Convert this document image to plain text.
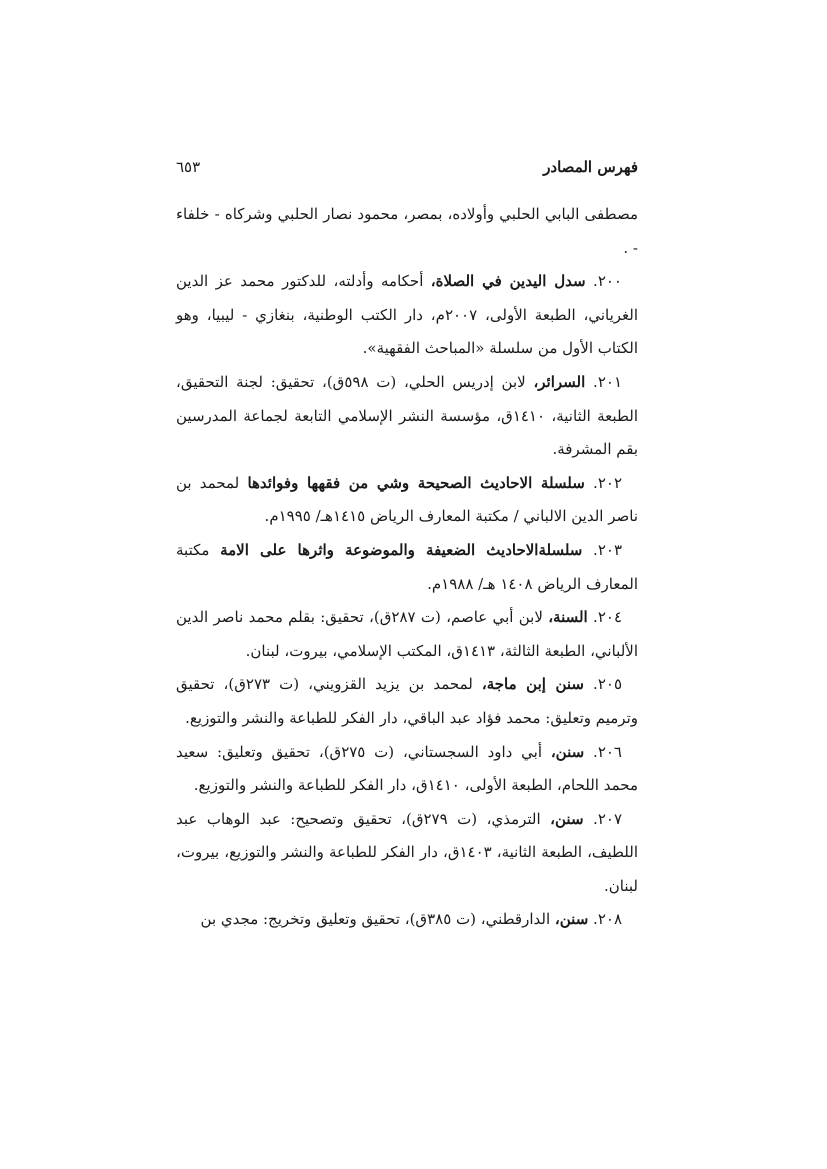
فهرس المصادر
٦٥٣

مصطفى البابي الحلبي وأولاده، بمصر، محمود نصار الحلبي وشركاه - خلفاء - .

٢٠٠. سدل اليدين في الصلاة، أحكامه وأدلته، للدكتور محمد عز الدين الغرياني، الطبعة الأولى، ٢٠٠٧م، دار الكتب الوطنية، بنغازي - ليبيا، وهو الكتاب الأول من سلسلة «المباحث الفقهية».

٢٠١. السرائر، لابن إدريس الحلي، (ت ٥٩٨ق)، تحقيق: لجنة التحقيق، الطبعة الثانية، ١٤١٠ق، مؤسسة النشر الإسلامي التابعة لجماعة المدرسين بقم المشرفة.

٢٠٢. سلسلة الاحاديث الصحيحة وشي من فقهها وفوائدها لمحمد بن ناصر الدين الالباني / مكتبة المعارف الرياض ١٤١٥هـ/ ١٩٩٥م.

٢٠٣. سلسلةالاحاديث الضعيفة والموضوعة واثرها على الامة مكتبة المعارف الرياض ١٤٠٨ هـ/ ١٩٨٨م.

٢٠٤. السنة، لابن أبي عاصم، (ت ٢٨٧ق)، تحقيق: بقلم محمد ناصر الدين الألباني، الطبعة الثالثة، ١٤١٣ق، المكتب الإسلامي، بيروت، لبنان.

٢٠٥. سنن إبن ماجة، لمحمد بن يزيد القزويني، (ت ٢٧٣ق)، تحقيق وترميم وتعليق: محمد فؤاد عبد الباقي، دار الفكر للطباعة والنشر والتوزيع.

٢٠٦. سنن، أبي داود السجستاني، (ت ٢٧٥ق)، تحقيق وتعليق: سعيد محمد اللحام، الطبعة الأولى، ١٤١٠ق، دار الفكر للطباعة والنشر والتوزيع.

٢٠٧. سنن، الترمذي، (ت ٢٧٩ق)، تحقيق وتصحيح: عبد الوهاب عبد اللطيف، الطبعة الثانية، ١٤٠٣ق، دار الفكر للطباعة والنشر والتوزيع، بيروت، لبنان.

٢٠٨. سنن، الدارقطني، (ت ٣٨٥ق)، تحقيق وتعليق وتخريج: مجدي بن
